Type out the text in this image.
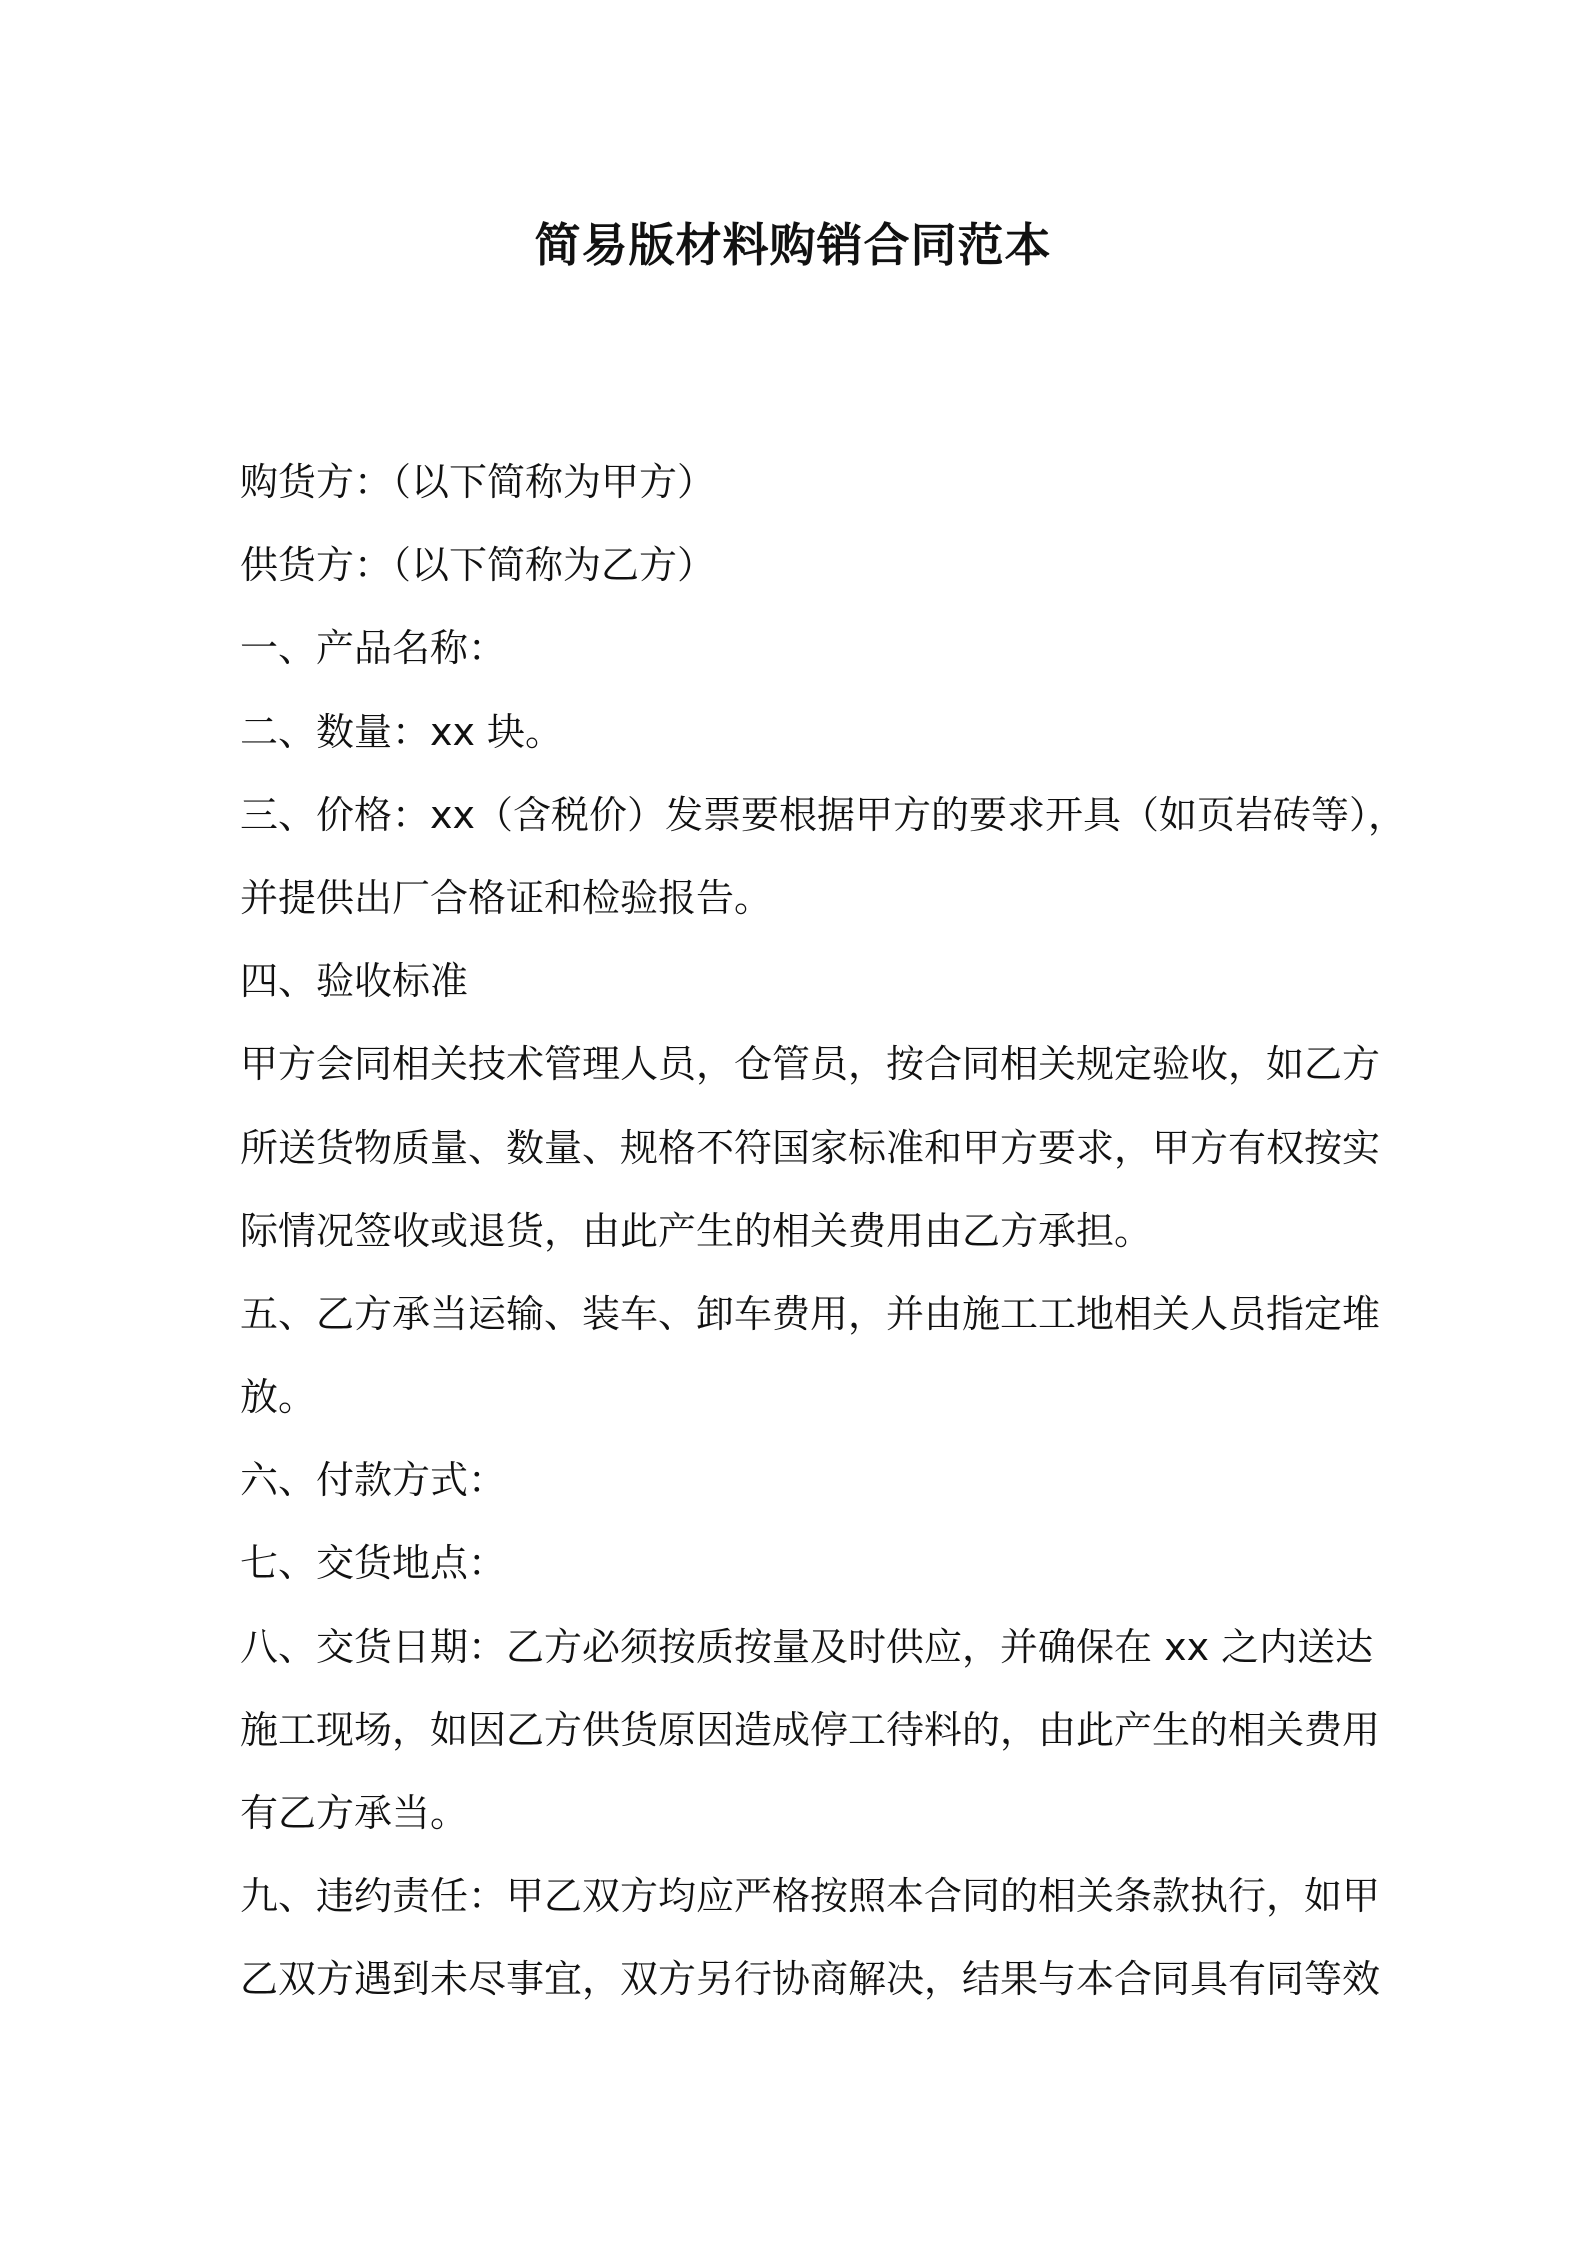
简易版材料购销合同范本
购货方：（以下简称为甲方）
供货方：（以下简称为乙方）
一、产品名称：
二、数量：xx 块。
三、价格：xx（含税价）发票要根据甲方的要求开具（如页岩砖等），
并提供出厂合格证和检验报告。
四、验收标准
甲方会同相关技术管理人员，仓管员，按合同相关规定验收，如乙方
所送货物质量、数量、规格不符国家标准和甲方要求，甲方有权按实
际情况签收或退货，由此产生的相关费用由乙方承担。
五、乙方承当运输、装车、卸车费用，并由施工工地相关人员指定堆
放。
六、付款方式：
七、交货地点：
八、交货日期：乙方必须按质按量及时供应，并确保在 xx 之内送达
施工现场，如因乙方供货原因造成停工待料的，由此产生的相关费用
有乙方承当。
九、违约责任：甲乙双方均应严格按照本合同的相关条款执行，如甲
乙双方遇到未尽事宜，双方另行协商解决，结果与本合同具有同等效
